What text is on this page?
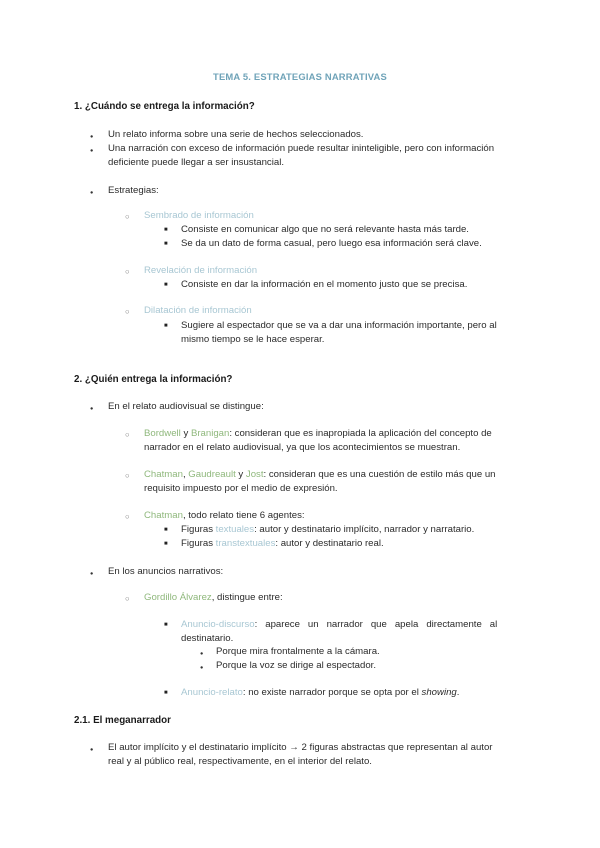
TEMA 5. ESTRATEGIAS NARRATIVAS
1. ¿Cuándo se entrega la información?
●
Un relato informa sobre una serie de hechos seleccionados.
●
Una narración con exceso de información puede resultar ininteligible, pero con información
deficiente puede llegar a ser insustancial.
●
Estrategias:
○
Sembrado de información
■
Consiste en comunicar algo que no será relevante hasta más tarde.
■
Se da un dato de forma casual, pero luego esa información será clave.
○
Revelación de información
■
Consiste en dar la información en el momento justo que se precisa.
○
Dilatación de información
■
Sugiere al espectador que se va a dar una información importante, pero al
mismo tiempo se le hace esperar.
2. ¿Quién entrega la información?
●
En el relato audiovisual se distingue:
○
Bordwell y Branigan: consideran que es inapropiada la aplicación del concepto de
narrador en el relato audiovisual, ya que los acontecimientos se muestran.
○
Chatman, Gaudreault y Jost: consideran que es una cuestión de estilo más que un
requisito impuesto por el medio de expresión.
○
Chatman, todo relato tiene 6 agentes:
■
Figuras textuales: autor y destinatario implícito, narrador y narratario.
■
Figuras transtextuales: autor y destinatario real.
●
En los anuncios narrativos:
○
Gordillo Álvarez, distingue entre:
■
Anuncio-discurso:   aparece   un   narrador   que   apela   directamente   al
destinatario.
●
Porque mira frontalmente a la cámara.
●
Porque la voz se dirige al espectador.
■
Anuncio-relato: no existe narrador porque se opta por el showing.
2.1. El meganarrador
●
El autor implícito y el destinatario implícito → 2 figuras abstractas que representan al autor
real y al público real, respectivamente, en el interior del relato.
